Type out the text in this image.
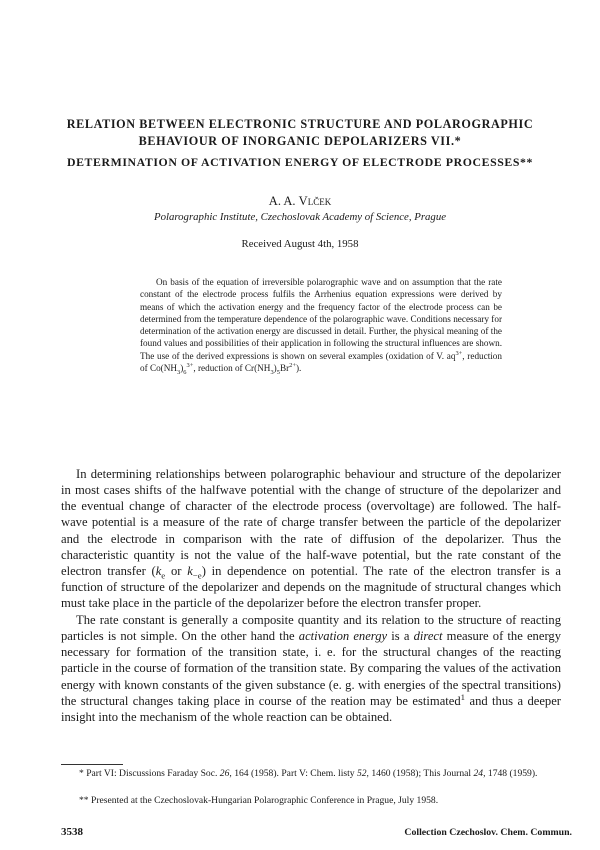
RELATION BETWEEN ELECTRONIC STRUCTURE AND POLAROGRAPHIC
BEHAVIOUR OF INORGANIC DEPOLARIZERS VII.*
DETERMINATION OF ACTIVATION ENERGY OF ELECTRODE PROCESSES**
A. A. Vlček
Polarographic Institute, Czechoslovak Academy of Science, Prague
Received August 4th, 1958

On basis of the equation of irreversible polarographic wave and on assumption that the rate constant of the electrode process fulfils the Arrhenius equation expressions were derived by means of which the activation energy and the frequency factor of the electrode process can be determined from the temperature dependence of the polarographic wave. Conditions necessary for determination of the activation energy are discussed in detail. Further, the physical meaning of the found values and possibilities of their application in following the structural influences are shown. The use of the derived expressions is shown on several examples (oxidation of V. $aq^{3+}$, reduction of $Co(NH_3)_6^{3+}$, reduction of $Cr(NH_3)_5Br^{2+}$).

In determining relationships between polarographic behaviour and structure of the depolarizer in most cases shifts of the halfwave potential with the change of structure of the depolarizer and the eventual change of character of the electrode process (overvoltage) are followed. The half-wave potential is a measure of the rate of charge transfer between the particle of the depolarizer and the electrode in comparison with the rate of diffusion of the depolarizer. Thus the characteristic quantity is not the value of the half-wave potential, but the rate constant of the electron transfer ($k_e$ or $k_{-e}$) in dependence on potential. The rate of the electron transfer is a function of structure of the depolarizer and depends on the magnitude of structural changes which must take place in the particle of the depolarizer before the electron transfer proper.

The rate constant is generally a composite quantity and its relation to the structure of reacting particles is not simple. On the other hand the activation energy is a direct measure of the energy necessary for formation of the transition state, i. e. for the structural changes of the reacting particle in the course of formation of the transition state. By comparing the values of the activation energy with known constants of the given substance (e. g. with energies of the spectral transitions) the structural changes taking place in course of the reation may be estimated$^1$ and thus a deeper insight into the mechanism of the whole reaction can be obtained.

* Part VI: Discussions Faraday Soc. 26, 164 (1958). Part V: Chem. listy 52, 1460 (1958); This Journal 24, 1748 (1959).

** Presented at the Czechoslovak-Hungarian Polarographic Conference in Prague, July 1958.

3538	Collection Czechoslov. Chem. Commun.
